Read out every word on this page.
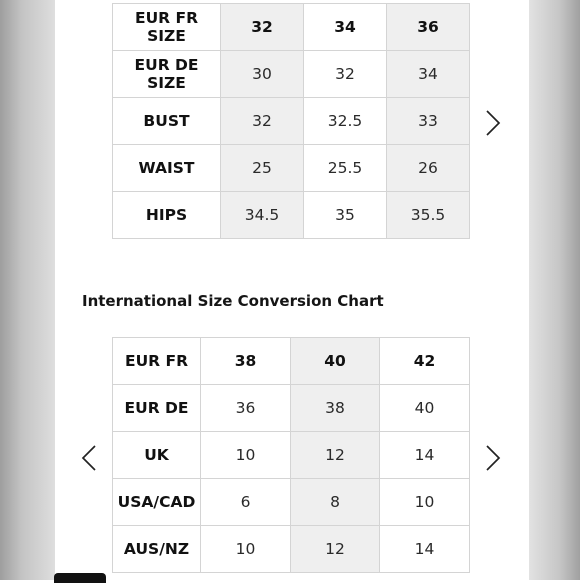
EUR FR SIZE	32	34	36
EUR DE SIZE	30	32	34
BUST	32	32.5	33
WAIST	25	25.5	26
HIPS	34.5	35	35.5
International Size Conversion Chart
EUR FR	38	40	42
EUR DE	36	38	40
UK	10	12	14
USA/CAD	6	8	10
AUS/NZ	10	12	14
